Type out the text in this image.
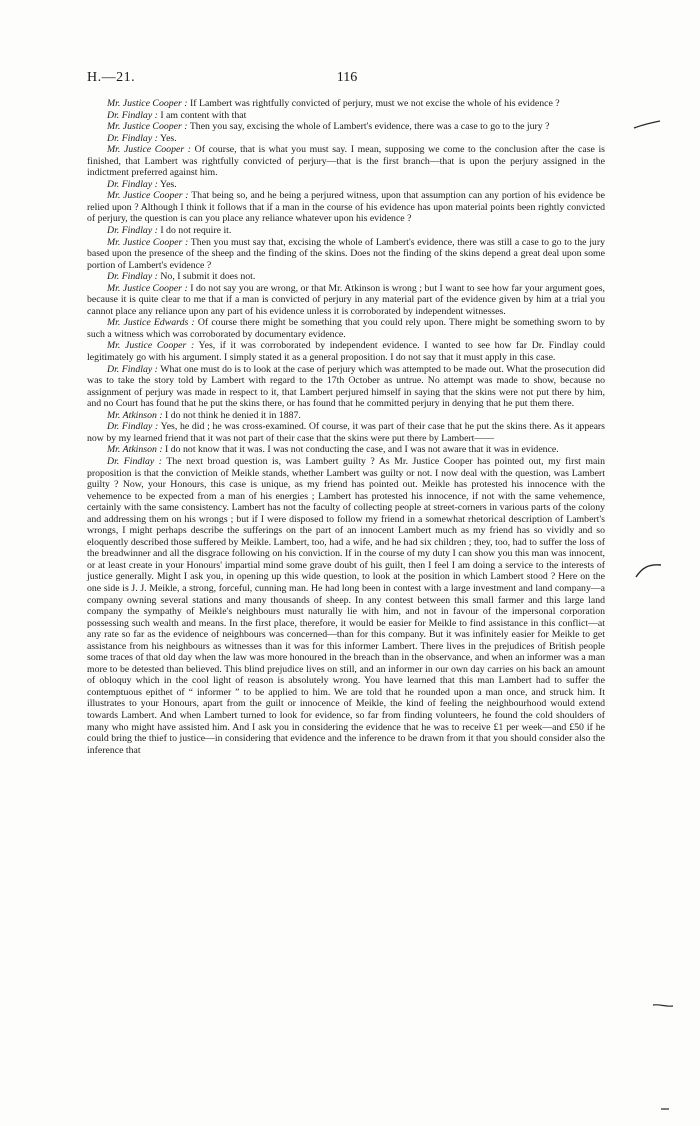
H.—21.	116

Mr. Justice Cooper : If Lambert was rightfully convicted of perjury, must we not excise the whole of his evidence ?

Dr. Findlay : I am content with that

Mr. Justice Cooper : Then you say, excising the whole of Lambert's evidence, there was a case to go to the jury ?

Dr. Findlay : Yes.

Mr. Justice Cooper : Of course, that is what you must say. I mean, supposing we come to the conclusion after the case is finished, that Lambert was rightfully convicted of perjury—that is the first branch—that is upon the perjury assigned in the indictment preferred against him.

Dr. Findlay : Yes.

Mr. Justice Cooper : That being so, and he being a perjured witness, upon that assumption can any portion of his evidence be relied upon ? Although I think it follows that if a man in the course of his evidence has upon material points been rightly convicted of perjury, the question is can you place any reliance whatever upon his evidence ?

Dr. Findlay : I do not require it.

Mr. Justice Cooper : Then you must say that, excising the whole of Lambert's evidence, there was still a case to go to the jury based upon the presence of the sheep and the finding of the skins. Does not the finding of the skins depend a great deal upon some portion of Lambert's evidence ?

Dr. Findlay : No, I submit it does not.

Mr. Justice Cooper : I do not say you are wrong, or that Mr. Atkinson is wrong ; but I want to see how far your argument goes, because it is quite clear to me that if a man is convicted of perjury in any material part of the evidence given by him at a trial you cannot place any reliance upon any part of his evidence unless it is corroborated by independent witnesses.

Mr. Justice Edwards : Of course there might be something that you could rely upon. There might be something sworn to by such a witness which was corroborated by documentary evidence.

Mr. Justice Cooper : Yes, if it was corroborated by independent evidence. I wanted to see how far Dr. Findlay could legitimately go with his argument. I simply stated it as a general proposition. I do not say that it must apply in this case.

Dr. Findlay : What one must do is to look at the case of perjury which was attempted to be made out. What the prosecution did was to take the story told by Lambert with regard to the 17th October as untrue. No attempt was made to show, because no assignment of perjury was made in respect to it, that Lambert perjured himself in saying that the skins were not put there by him, and no Court has found that he put the skins there, or has found that he committed perjury in denying that he put them there.

Mr. Atkinson : I do not think he denied it in 1887.

Dr. Findlay : Yes, he did ; he was cross-examined. Of course, it was part of their case that he put the skins there. As it appears now by my learned friend that it was not part of their case that the skins were put there by Lambert——

Mr. Atkinson : I do not know that it was. I was not conducting the case, and I was not aware that it was in evidence.

Dr. Findlay : The next broad question is, was Lambert guilty ? As Mr. Justice Cooper has pointed out, my first main proposition is that the conviction of Meikle stands, whether Lambert was guilty or not. I now deal with the question, was Lambert guilty ? Now, your Honours, this case is unique, as my friend has pointed out. Meikle has protested his innocence with the vehemence to be expected from a man of his energies ; Lambert has protested his innocence, if not with the same vehemence, certainly with the same consistency. Lambert has not the faculty of collecting people at street-corners in various parts of the colony and addressing them on his wrongs ; but if I were disposed to follow my friend in a somewhat rhetorical description of Lambert's wrongs, I might perhaps describe the sufferings on the part of an innocent Lambert much as my friend has so vividly and so eloquently described those suffered by Meikle. Lambert, too, had a wife, and he had six children ; they, too, had to suffer the loss of the breadwinner and all the disgrace following on his conviction. If in the course of my duty I can show you this man was innocent, or at least create in your Honours' impartial mind some grave doubt of his guilt, then I feel I am doing a service to the interests of justice generally. Might I ask you, in opening up this wide question, to look at the position in which Lambert stood ? Here on the one side is J. J. Meikle, a strong, forceful, cunning man. He had long been in contest with a large investment and land company—a company owning several stations and many thousands of sheep. In any contest between this small farmer and this large land company the sympathy of Meikle's neighbours must naturally lie with him, and not in favour of the impersonal corporation possessing such wealth and means. In the first place, therefore, it would be easier for Meikle to find assistance in this conflict—at any rate so far as the evidence of neighbours was concerned—than for this company. But it was infinitely easier for Meikle to get assistance from his neighbours as witnesses than it was for this informer Lambert. There lives in the prejudices of British people some traces of that old day when the law was more honoured in the breach than in the observance, and when an informer was a man more to be detested than believed. This blind prejudice lives on still, and an informer in our own day carries on his back an amount of obloquy which in the cool light of reason is absolutely wrong. You have learned that this man Lambert had to suffer the contemptuous epithet of “ informer ” to be applied to him. We are told that he rounded upon a man once, and struck him. It illustrates to your Honours, apart from the guilt or innocence of Meikle, the kind of feeling the neighbourhood would extend towards Lambert. And when Lambert turned to look for evidence, so far from finding volunteers, he found the cold shoulders of many who might have assisted him. And I ask you in considering the evidence that he was to receive £1 per week—and £50 if he could bring the thief to justice—in considering that evidence and the inference to be drawn from it that you should consider also the inference that
